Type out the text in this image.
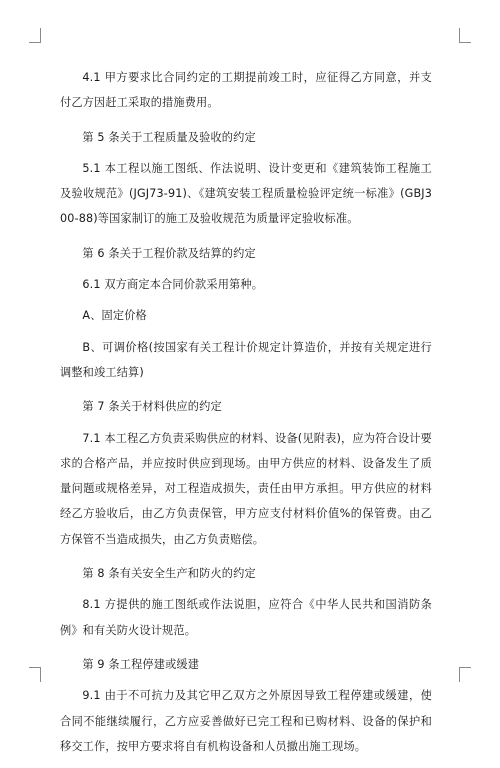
4.1 甲方要求比合同约定的工期提前竣工时，应征得乙方同意，并支付乙方因赶工采取的措施费用。

第 5 条关于工程质量及验收的约定

5.1 本工程以施工图纸、作法说明、设计变更和《建筑装饰工程施工及验收规范》(JGJ73-91)、《建筑安装工程质量检验评定统一标准》(GBJ300-88)等国家制订的施工及验收规范为质量评定验收标准。

第 6 条关于工程价款及结算的约定

6.1 双方商定本合同价款采用第种。

A、固定价格

B、可调价格(按国家有关工程计价规定计算造价，并按有关规定进行调整和竣工结算)

第 7 条关于材料供应的约定

7.1 本工程乙方负责采购供应的材料、设备(见附表)，应为符合设计要求的合格产品，并应按时供应到现场。由甲方供应的材料、设备发生了质量问题或规格差异，对工程造成损失，责任由甲方承担。甲方供应的材料经乙方验收后，由乙方负责保管，甲方应支付材料价值%的保管费。由乙方保管不当造成损失，由乙方负责赔偿。

第 8 条有关安全生产和防火的约定

8.1 方提供的施工图纸或作法说胆，应符合《中华人民共和国消防条例》和有关防火设计规范。

第 9 条工程停建或缓建

9.1 由于不可抗力及其它甲乙双方之外原因导致工程停建或缓建，使合同不能继续履行，乙方应妥善做好已完工程和已购材料、设备的保护和移交工作，按甲方要求将自有机构设备和人员撤出施工现场。
